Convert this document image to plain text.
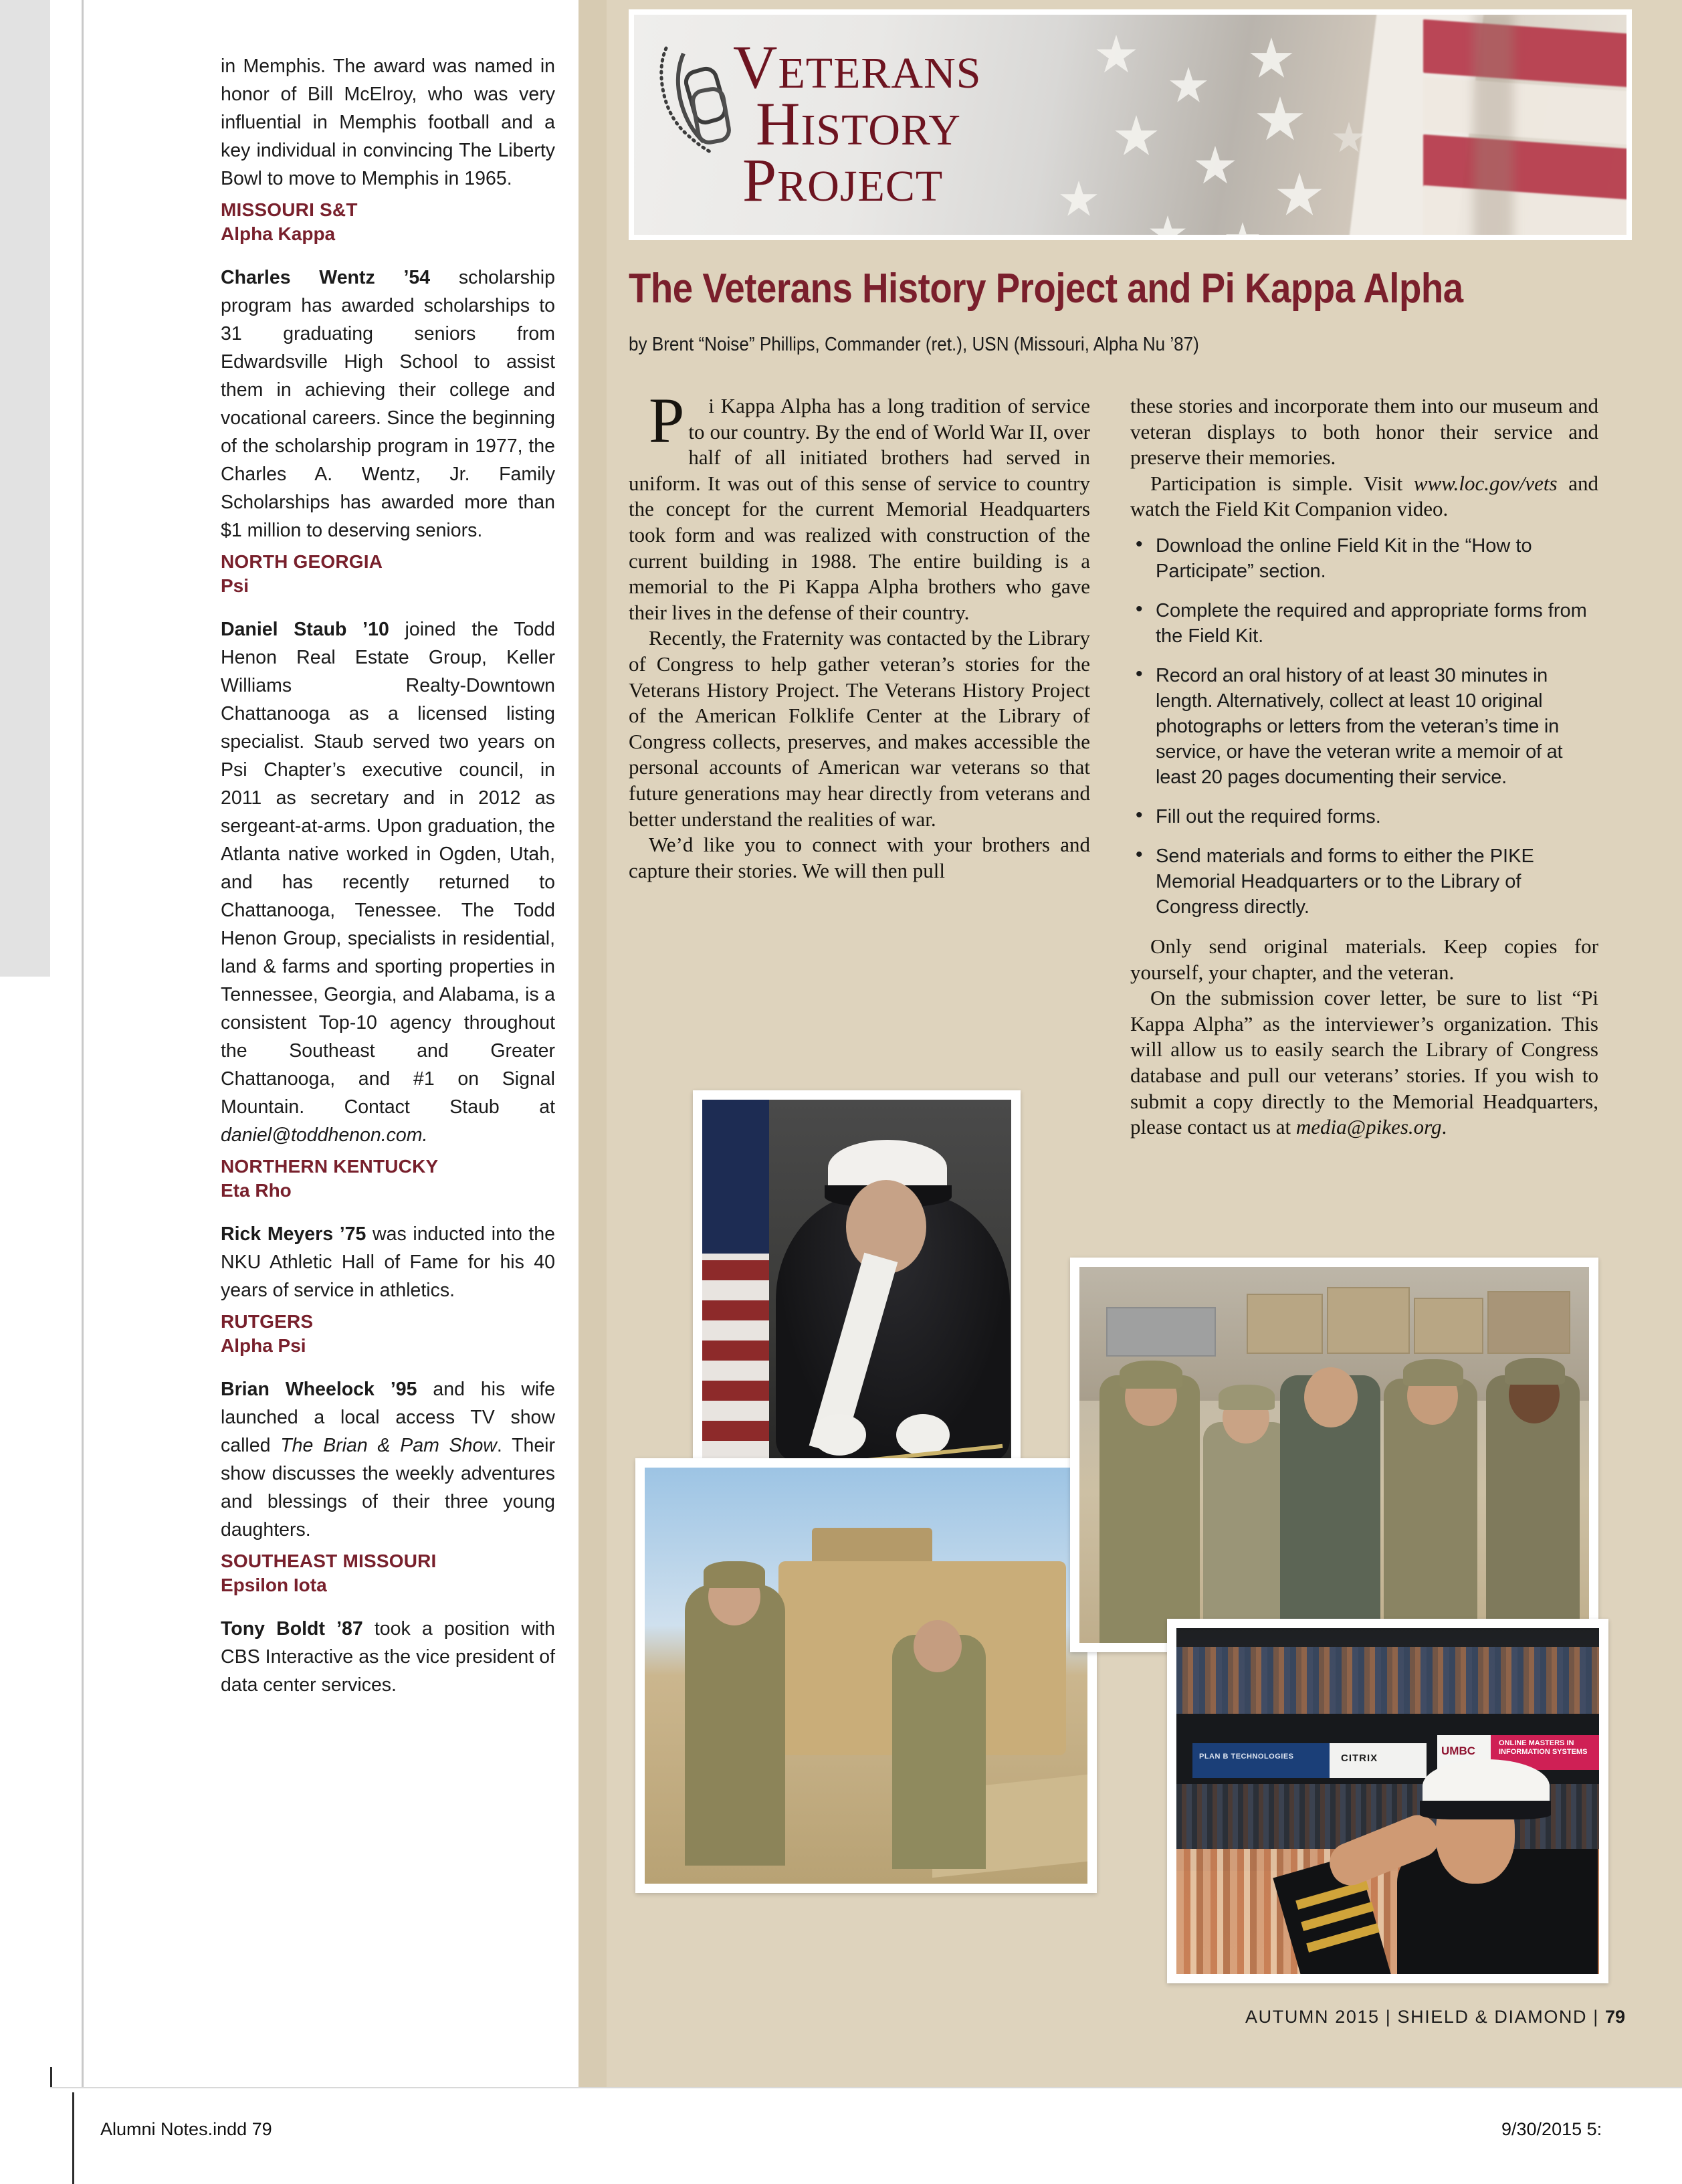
in Memphis. The award was named in honor of Bill McElroy, who was very influential in Memphis football and a key individual in convincing The Liberty Bowl to move to Memphis in 1965.

MISSOURI S&T
Alpha Kappa

Charles Wentz ’54 scholarship program has awarded scholarships to 31 graduating seniors from Edwardsville High School to assist them in achieving their college and vocational careers. Since the beginning of the scholarship program in 1977, the Charles A. Wentz, Jr. Family Scholarships has awarded more than $1 million to deserving seniors.

NORTH GEORGIA
Psi

Daniel Staub ’10 joined the Todd Henon Real Estate Group, Keller Williams Realty-Downtown Chattanooga as a licensed listing specialist. Staub served two years on Psi Chapter’s executive council, in 2011 as secretary and in 2012 as sergeant-at-arms. Upon graduation, the Atlanta native worked in Ogden, Utah, and has recently returned to Chattanooga, Tenessee. The Todd Henon Group, specialists in residential, land & farms and sporting properties in Tennessee, Georgia, and Alabama, is a consistent Top-10 agency throughout the Southeast and Greater Chattanooga, and #1 on Signal Mountain. Contact Staub at daniel@toddhenon.com.

NORTHERN KENTUCKY
Eta Rho

Rick Meyers ’75 was inducted into the NKU Athletic Hall of Fame for his 40 years of service in athletics.

RUTGERS
Alpha Psi

Brian Wheelock ’95 and his wife launched a local access TV show called The Brian & Pam Show. Their show discusses the weekly adventures and blessings of their three young daughters.

SOUTHEAST MISSOURI
Epsilon Iota

Tony Boldt ’87 took a position with CBS Interactive as the vice president of data center services.

VETERANS
HISTORY
PROJECT
The Veterans History Project and Pi Kappa Alpha
by Brent “Noise” Phillips, Commander (ret.), USN (Missouri, Alpha Nu ’87)

P i Kappa Alpha has a long tradition of service to our country. By the end of World War II, over half of all initiated brothers had served in uniform. It was out of this sense of service to country the concept for the current Memorial Headquarters took form and was realized with construction of the current building in 1988. The entire building is a memorial to the Pi Kappa Alpha brothers who gave their lives in the defense of their country.

Recently, the Fraternity was contacted by the Library of Congress to help gather veteran’s stories for the Veterans History Project. The Veterans History Project of the American Folklife Center at the Library of Congress collects, preserves, and makes accessible the personal accounts of American war veterans so that future generations may hear directly from veterans and better understand the realities of war.

We’d like you to connect with your brothers and capture their stories. We will then pull

these stories and incorporate them into our museum and veteran displays to both honor their service and preserve their memories.

Participation is simple. Visit www.loc.gov/vets and watch the Field Kit Companion video.

• Download the online Field Kit in the “How to Participate” section.
• Complete the required and appropriate forms from the Field Kit.
• Record an oral history of at least 30 minutes in length. Alternatively, collect at least 10 original photographs or letters from the veteran’s time in service, or have the veteran write a memoir of at least 20 pages documenting their service.
• Fill out the required forms.
• Send materials and forms to either the PIKE Memorial Headquarters or to the Library of Congress directly.

Only send original materials. Keep copies for yourself, your chapter, and the veteran.

On the submission cover letter, be sure to list “Pi Kappa Alpha” as the interviewer’s organization. This will allow us to easily search the Library of Congress database and pull our veterans’ stories. If you wish to submit a copy directly to the Memorial Headquarters, please contact us at media@pikes.org.

PLAN B TECHNOLOGIES	CITRIX
UMBC
ONLINE MASTERS IN INFORMATION SYSTEMS
AUTUMN 2015 | SHIELD & DIAMOND | 79
Alumni Notes.indd 79	9/30/2015 5:
